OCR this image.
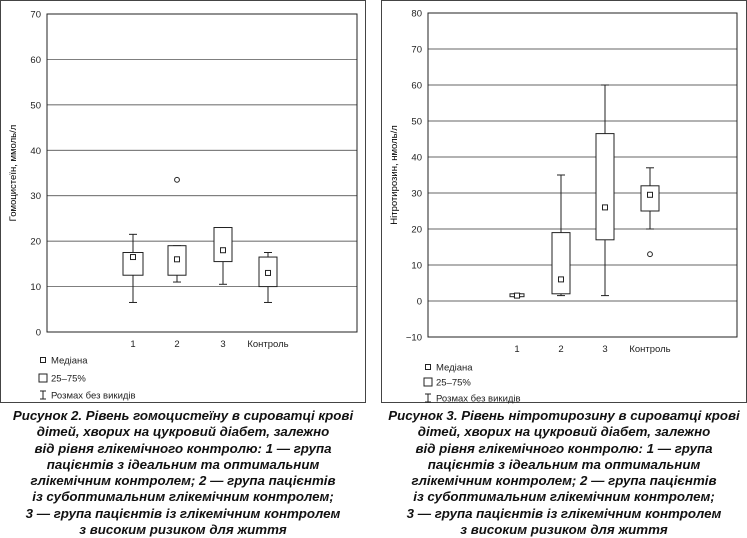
0
10
20
30
40
50
60
70
Гомоцистеїн, ммоль/л
1	2	3 Контроль
Медіана
25–75%
Розмах без викидів
−10
0
10
20
30
40
50
60
70
80
Нітротирозин, нмоль/л
1	2	3 Контроль
Медіана
25–75%
Розмах без викидів
Рисунок 2. Рівень гомоцистеїну в сироватці крові
дітей, хворих на цукровий діабет, залежно
від рівня глікемічного контролю: 1 — група
пацієнтів з ідеальним та оптимальним
глікемічним контролем; 2 — група пацієнтів
із субоптимальним глікемічним контролем;
3 — група пацієнтів із глікемічним контролем
з високим ризиком для життя
Рисунок 3. Рівень нітротирозину в сироватці крові
дітей, хворих на цукровий діабет, залежно
від рівня глікемічного контролю: 1 — група
пацієнтів з ідеальним та оптимальним
глікемічним контролем; 2 — група пацієнтів
із субоптимальним глікемічним контролем;
3 — група пацієнтів із глікемічним контролем
з високим ризиком для життя
